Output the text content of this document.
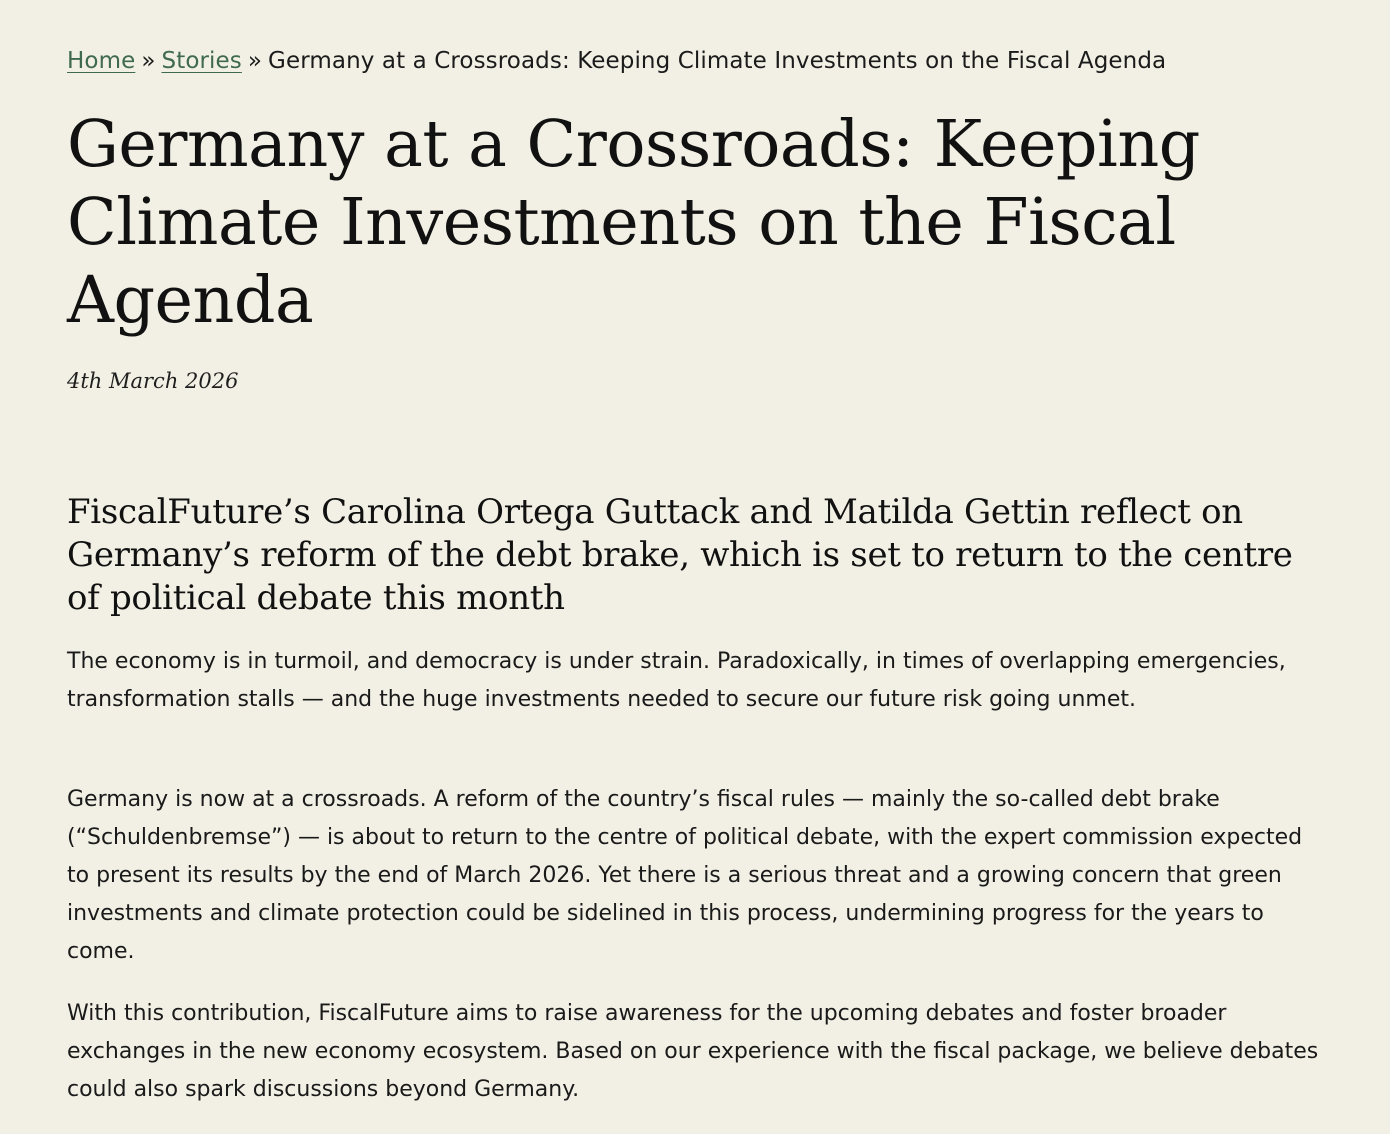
Home » Stories » Germany at a Crossroads: Keeping Climate Investments on the Fiscal Agenda
Germany at a Crossroads: Keeping Climate Investments on the Fiscal Agenda
4th March 2026
FiscalFuture’s Carolina Ortega Guttack and Matilda Gettin reflect on Germany’s reform of the debt brake, which is set to return to the centre of political debate this month

The economy is in turmoil, and democracy is under strain. Paradoxically, in times of overlapping emergencies, transformation stalls — and the huge investments needed to secure our future risk going unmet.

Germany is now at a crossroads. A reform of the country’s fiscal rules — mainly the so-called debt brake (“Schuldenbremse”) — is about to return to the centre of political debate, with the expert commission expected to present its results by the end of March 2026. Yet there is a serious threat and a growing concern that green investments and climate protection could be sidelined in this process, undermining progress for the years to come.

With this contribution, FiscalFuture aims to raise awareness for the upcoming debates and foster broader exchanges in the new economy ecosystem. Based on our experience with the fiscal package, we believe debates could also spark discussions beyond Germany.
